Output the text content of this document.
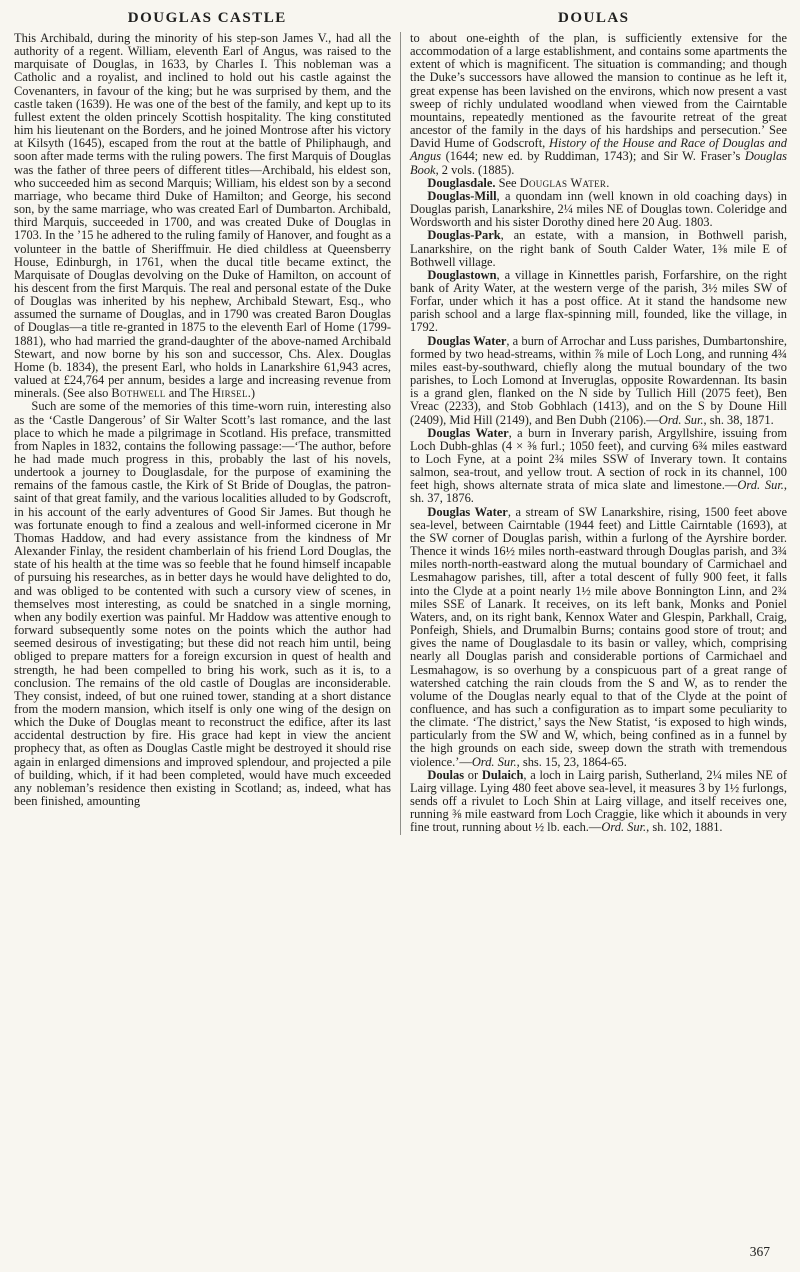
DOUGLAS CASTLE	DOULAS

This Archibald, during the minority of his step-son James V., had all the authority of a regent. William, eleventh Earl of Angus, was raised to the marquisate of Douglas, in 1633, by Charles I. This nobleman was a Catholic and a royalist, and inclined to hold out his castle against the Covenanters, in favour of the king; but he was surprised by them, and the castle taken (1639). He was one of the best of the family, and kept up to its fullest extent the olden princely Scottish hospitality. The king constituted him his lieutenant on the Borders, and he joined Montrose after his victory at Kilsyth (1645), escaped from the rout at the battle of Philiphaugh, and soon after made terms with the ruling powers. The first Marquis of Douglas was the father of three peers of different titles—Archibald, his eldest son, who succeeded him as second Marquis; William, his eldest son by a second marriage, who became third Duke of Hamilton; and George, his second son, by the same marriage, who was created Earl of Dumbarton. Archibald, third Marquis, succeeded in 1700, and was created Duke of Douglas in 1703. In the ’15 he adhered to the ruling family of Hanover, and fought as a volunteer in the battle of Sheriffmuir. He died childless at Queensberry House, Edinburgh, in 1761, when the ducal title became extinct, the Marquisate of Douglas devolving on the Duke of Hamilton, on account of his descent from the first Marquis. The real and personal estate of the Duke of Douglas was inherited by his nephew, Archibald Stewart, Esq., who assumed the surname of Douglas, and in 1790 was created Baron Douglas of Douglas—a title re-granted in 1875 to the eleventh Earl of Home (1799-1881), who had married the grand-daughter of the above-named Archibald Stewart, and now borne by his son and successor, Chs. Alex. Douglas Home (b. 1834), the present Earl, who holds in Lanarkshire 61,943 acres, valued at £24,764 per annum, besides a large and increasing revenue from minerals. (See also Bothwell and The Hirsel.)

Such are some of the memories of this time-worn ruin, interesting also as the ‘Castle Dangerous’ of Sir Walter Scott’s last romance, and the last place to which he made a pilgrimage in Scotland. His preface, transmitted from Naples in 1832, contains the following passage:—‘The author, before he had made much progress in this, probably the last of his novels, undertook a journey to Douglasdale, for the purpose of examining the remains of the famous castle, the Kirk of St Bride of Douglas, the patron-saint of that great family, and the various localities alluded to by Godscroft, in his account of the early adventures of Good Sir James. But though he was fortunate enough to find a zealous and well-informed cicerone in Mr Thomas Haddow, and had every assistance from the kindness of Mr Alexander Finlay, the resident chamberlain of his friend Lord Douglas, the state of his health at the time was so feeble that he found himself incapable of pursuing his researches, as in better days he would have delighted to do, and was obliged to be contented with such a cursory view of scenes, in themselves most interesting, as could be snatched in a single morning, when any bodily exertion was painful. Mr Haddow was attentive enough to forward subsequently some notes on the points which the author had seemed desirous of investigating; but these did not reach him until, being obliged to prepare matters for a foreign excursion in quest of health and strength, he had been compelled to bring his work, such as it is, to a conclusion. The remains of the old castle of Douglas are inconsiderable. They consist, indeed, of but one ruined tower, standing at a short distance from the modern mansion, which itself is only one wing of the design on which the Duke of Douglas meant to reconstruct the edifice, after its last accidental destruction by fire. His grace had kept in view the ancient prophecy that, as often as Douglas Castle might be destroyed it should rise again in enlarged dimensions and improved splendour, and projected a pile of building, which, if it had been completed, would have much exceeded any nobleman’s residence then existing in Scotland; as, indeed, what has been finished, amounting

to about one-eighth of the plan, is sufficiently extensive for the accommodation of a large establishment, and contains some apartments the extent of which is magnificent. The situation is commanding; and though the Duke’s successors have allowed the mansion to continue as he left it, great expense has been lavished on the environs, which now present a vast sweep of richly undulated woodland when viewed from the Cairntable mountains, repeatedly mentioned as the favourite retreat of the great ancestor of the family in the days of his hardships and persecution.’ See David Hume of Godscroft, History of the House and Race of Douglas and Angus (1644; new ed. by Ruddiman, 1743); and Sir W. Fraser’s Douglas Book, 2 vols. (1885).

Douglasdale. See Douglas Water.

Douglas-Mill, a quondam inn (well known in old coaching days) in Douglas parish, Lanarkshire, 2¼ miles NE of Douglas town. Coleridge and Wordsworth and his sister Dorothy dined here 20 Aug. 1803.

Douglas-Park, an estate, with a mansion, in Bothwell parish, Lanarkshire, on the right bank of South Calder Water, 1⅜ mile E of Bothwell village.

Douglastown, a village in Kinnettles parish, Forfarshire, on the right bank of Arity Water, at the western verge of the parish, 3½ miles SW of Forfar, under which it has a post office. At it stand the handsome new parish school and a large flax-spinning mill, founded, like the village, in 1792.

Douglas Water, a burn of Arrochar and Luss parishes, Dumbartonshire, formed by two head-streams, within ⅞ mile of Loch Long, and running 4¾ miles east-by-southward, chiefly along the mutual boundary of the two parishes, to Loch Lomond at Inveruglas, opposite Rowardennan. Its basin is a grand glen, flanked on the N side by Tullich Hill (2075 feet), Ben Vreac (2233), and Stob Gobhlach (1413), and on the S by Doune Hill (2409), Mid Hill (2149), and Ben Dubh (2106).—Ord. Sur., sh. 38, 1871.

Douglas Water, a burn in Inverary parish, Argyllshire, issuing from Loch Dubh-ghlas (4 × ⅜ furl.; 1050 feet), and curving 6¾ miles eastward to Loch Fyne, at a point 2¾ miles SSW of Inverary town. It contains salmon, sea-trout, and yellow trout. A section of rock in its channel, 100 feet high, shows alternate strata of mica slate and limestone.—Ord. Sur., sh. 37, 1876.

Douglas Water, a stream of SW Lanarkshire, rising, 1500 feet above sea-level, between Cairntable (1944 feet) and Little Cairntable (1693), at the SW corner of Douglas parish, within a furlong of the Ayrshire border. Thence it winds 16½ miles north-eastward through Douglas parish, and 3¾ miles north-north-eastward along the mutual boundary of Carmichael and Lesmahagow parishes, till, after a total descent of fully 900 feet, it falls into the Clyde at a point nearly 1½ mile above Bonnington Linn, and 2¾ miles SSE of Lanark. It receives, on its left bank, Monks and Poniel Waters, and, on its right bank, Kennox Water and Glespin, Parkhall, Craig, Ponfeigh, Shiels, and Drumalbin Burns; contains good store of trout; and gives the name of Douglasdale to its basin or valley, which, comprising nearly all Douglas parish and considerable portions of Carmichael and Lesmahagow, is so overhung by a conspicuous part of a great range of watershed catching the rain clouds from the S and W, as to render the volume of the Douglas nearly equal to that of the Clyde at the point of confluence, and has such a configuration as to impart some peculiarity to the climate. ‘The district,’ says the New Statist, ‘is exposed to high winds, particularly from the SW and W, which, being confined as in a funnel by the high grounds on each side, sweep down the strath with tremendous violence.’—Ord. Sur., shs. 15, 23, 1864-65.

Doulas or Dulaich, a loch in Lairg parish, Sutherland, 2¼ miles NE of Lairg village. Lying 480 feet above sea-level, it measures 3 by 1½ furlongs, sends off a rivulet to Loch Shin at Lairg village, and itself receives one, running ⅜ mile eastward from Loch Craggie, like which it abounds in very fine trout, running about ½ lb. each.—Ord. Sur., sh. 102, 1881.

367
